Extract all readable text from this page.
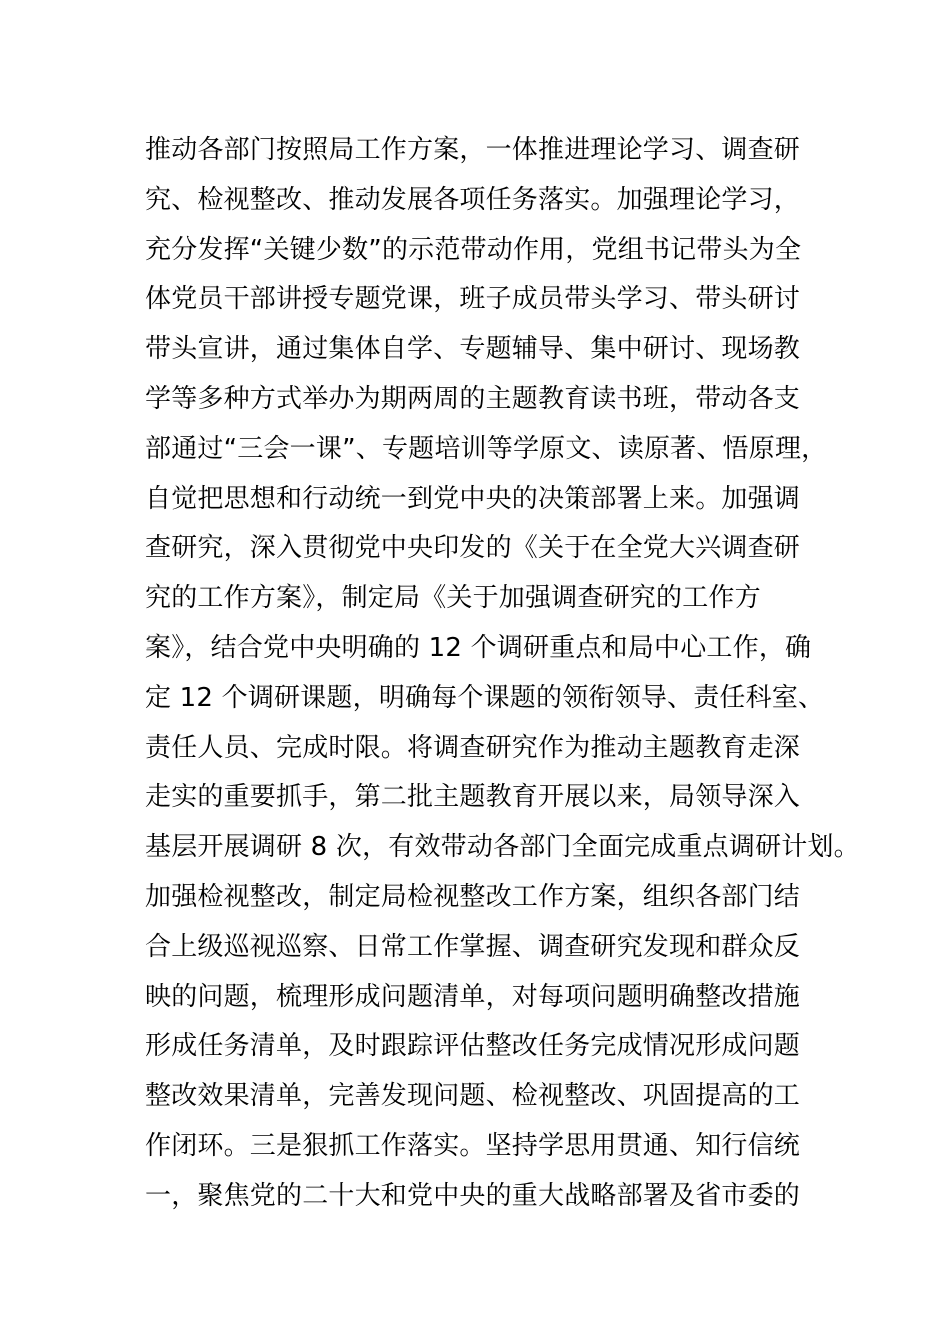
推动各部门按照局工作方案，一体推进理论学习、调查研
究、检视整改、推动发展各项任务落实。加强理论学习，
充分发挥“关键少数”的示范带动作用，党组书记带头为全
体党员干部讲授专题党课，班子成员带头学习、带头研讨
带头宣讲，通过集体自学、专题辅导、集中研讨、现场教
学等多种方式举办为期两周的主题教育读书班，带动各支
部通过“三会一课”、专题培训等学原文、读原著、悟原理，
自觉把思想和行动统一到党中央的决策部署上来。加强调
查研究，深入贯彻党中央印发的《关于在全党大兴调查研
究的工作方案》，制定局《关于加强调查研究的工作方
案》，结合党中央明确的 12 个调研重点和局中心工作，确
定 12 个调研课题，明确每个课题的领衔领导、责任科室、
责任人员、完成时限。将调查研究作为推动主题教育走深
走实的重要抓手，第二批主题教育开展以来，局领导深入
基层开展调研 8 次，有效带动各部门全面完成重点调研计划。
加强检视整改，制定局检视整改工作方案，组织各部门结
合上级巡视巡察、日常工作掌握、调查研究发现和群众反
映的问题，梳理形成问题清单，对每项问题明确整改措施
形成任务清单，及时跟踪评估整改任务完成情况形成问题
整改效果清单，完善发现问题、检视整改、巩固提高的工
作闭环。三是狠抓工作落实。坚持学思用贯通、知行信统
一，聚焦党的二十大和党中央的重大战略部署及省市委的
